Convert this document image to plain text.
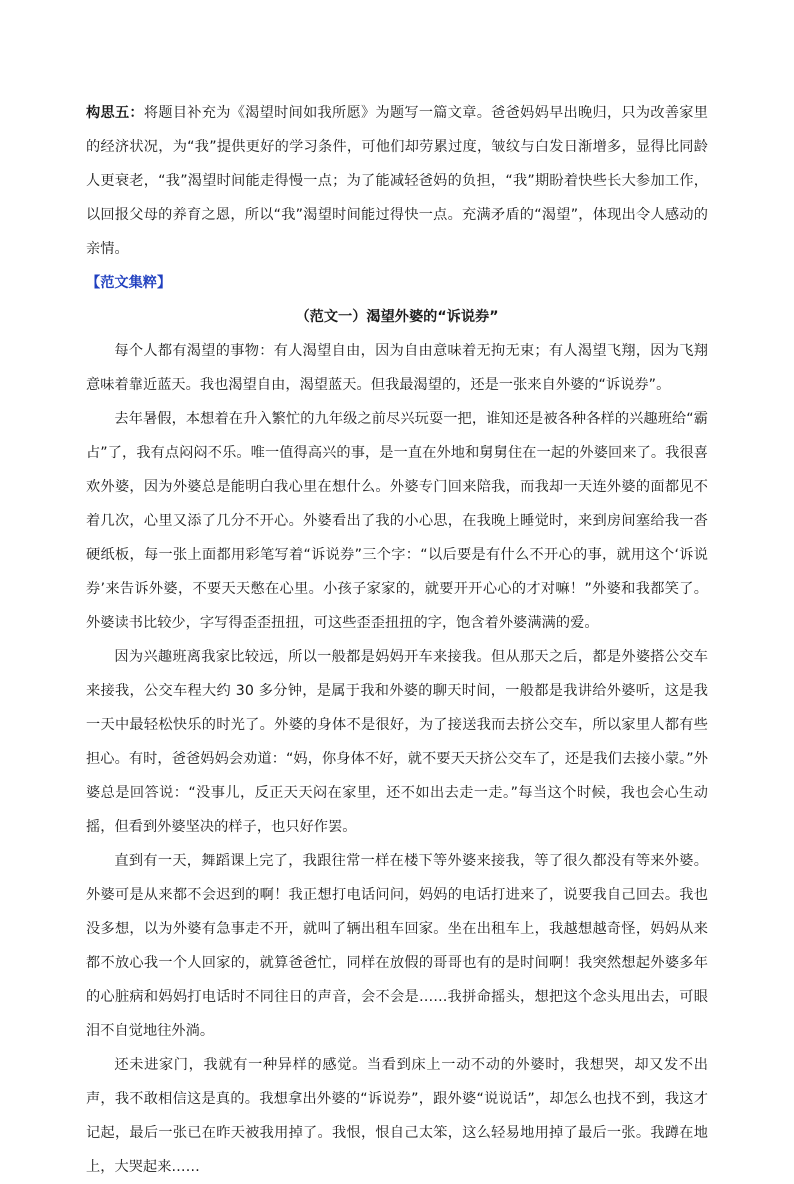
构思五：将题目补充为《渴望时间如我所愿》为题写一篇文章。爸爸妈妈早出晚归，只为改善家里的经济状况，为“我”提供更好的学习条件，可他们却劳累过度，皱纹与白发日渐增多，显得比同龄人更衰老，“我”渴望时间能走得慢一点；为了能减轻爸妈的负担，“我”期盼着快些长大参加工作，以回报父母的养育之恩，所以“我”渴望时间能过得快一点。充满矛盾的“渴望”，体现出令人感动的亲情。

【范文集粹】

（范文一）渴望外婆的“诉说券”

每个人都有渴望的事物：有人渴望自由，因为自由意味着无拘无束；有人渴望飞翔，因为飞翔意味着靠近蓝天。我也渴望自由，渴望蓝天。但我最渴望的，还是一张来自外婆的“诉说券”。

去年暑假，本想着在升入繁忙的九年级之前尽兴玩耍一把，谁知还是被各种各样的兴趣班给“霸占”了，我有点闷闷不乐。唯一值得高兴的事，是一直在外地和舅舅住在一起的外婆回来了。我很喜欢外婆，因为外婆总是能明白我心里在想什么。外婆专门回来陪我，而我却一天连外婆的面都见不着几次，心里又添了几分不开心。外婆看出了我的小心思，在我晚上睡觉时，来到房间塞给我一沓硬纸板，每一张上面都用彩笔写着“诉说券”三个字：“以后要是有什么不开心的事，就用这个‘诉说券’来告诉外婆，不要天天憋在心里。小孩子家家的，就要开开心心的才对嘛！”外婆和我都笑了。外婆读书比较少，字写得歪歪扭扭，可这些歪歪扭扭的字，饱含着外婆满满的爱。

因为兴趣班离我家比较远，所以一般都是妈妈开车来接我。但从那天之后，都是外婆搭公交车来接我，公交车程大约 30 多分钟，是属于我和外婆的聊天时间，一般都是我讲给外婆听，这是我一天中最轻松快乐的时光了。外婆的身体不是很好，为了接送我而去挤公交车，所以家里人都有些担心。有时，爸爸妈妈会劝道：“妈，你身体不好，就不要天天挤公交车了，还是我们去接小蒙。”外婆总是回答说：“没事儿，反正天天闷在家里，还不如出去走一走。”每当这个时候，我也会心生动摇，但看到外婆坚决的样子，也只好作罢。

直到有一天，舞蹈课上完了，我跟往常一样在楼下等外婆来接我，等了很久都没有等来外婆。外婆可是从来都不会迟到的啊！我正想打电话问问，妈妈的电话打进来了，说要我自己回去。我也没多想，以为外婆有急事走不开，就叫了辆出租车回家。坐在出租车上，我越想越奇怪，妈妈从来都不放心我一个人回家的，就算爸爸忙，同样在放假的哥哥也有的是时间啊！我突然想起外婆多年的心脏病和妈妈打电话时不同往日的声音，会不会是……我拼命摇头，想把这个念头甩出去，可眼泪不自觉地往外淌。

还未进家门，我就有一种异样的感觉。当看到床上一动不动的外婆时，我想哭，却又发不出声，我不敢相信这是真的。我想拿出外婆的“诉说券”，跟外婆“说说话”，却怎么也找不到，我这才记起，最后一张已在昨天被我用掉了。我恨，恨自己太笨，这么轻易地用掉了最后一张。我蹲在地上，大哭起来……
